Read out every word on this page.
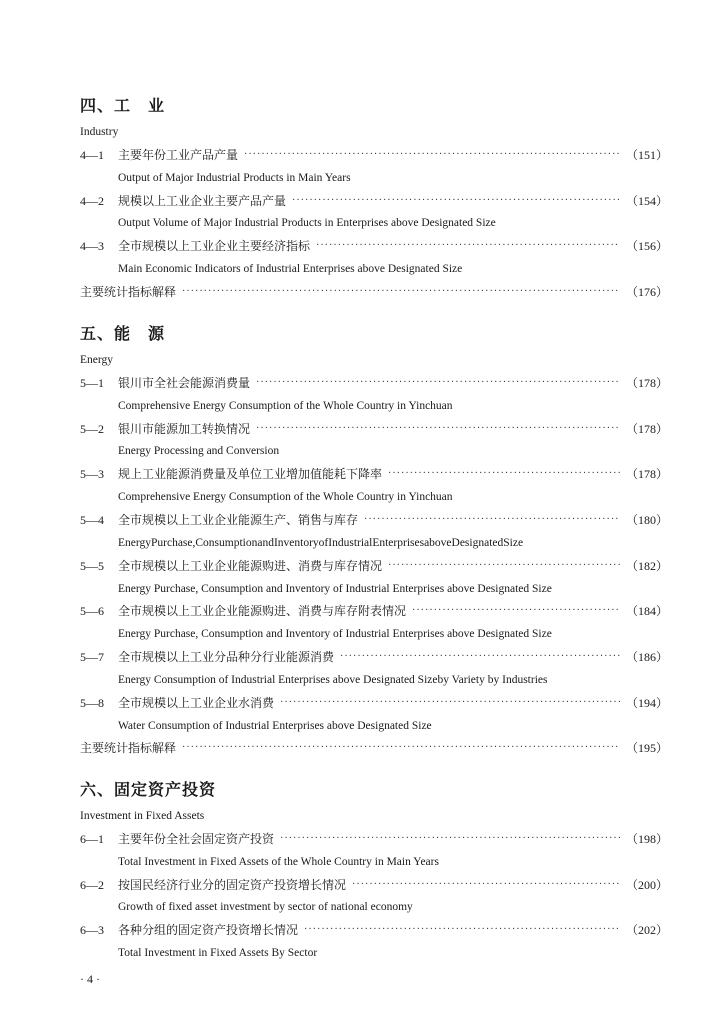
四、工　业
Industry
4—1	主要年份工业产品产量 ·····	（151）
Output of Major Industrial Products in Main Years
4—2	规模以上工业企业主要产品产量 ·····	（154）
Output Volume of Major Industrial Products in Enterprises above Designated Size
4—3	全市规模以上工业企业主要经济指标 ·····	（156）
Main Economic Indicators of Industrial Enterprises above Designated Size
主要统计指标解释 ·····	（176）
五、能　源
Energy
5—1	银川市全社会能源消费量 ·····	（178）
Comprehensive Energy Consumption of the Whole Country in Yinchuan
5—2	银川市能源加工转换情况 ·····	（178）
Energy Processing and Conversion
5—3	规上工业能源消费量及单位工业增加值能耗下降率 ·····	（178）
Comprehensive Energy Consumption of the Whole Country in Yinchuan
5—4	全市规模以上工业企业能源生产、销售与库存 ·····	（180）
EnergyPurchase,ConsumptionandInventoryofIndustrialEnterprisesaboveDesignatedSize
5—5	全市规模以上工业企业能源购进、消费与库存情况 ·····	（182）
Energy Purchase, Consumption and Inventory of Industrial Enterprises above Designated Size
5—6	全市规模以上工业企业能源购进、消费与库存附表情况 ·····	（184）
Energy Purchase, Consumption and Inventory of Industrial Enterprises above Designated Size
5—7	全市规模以上工业分品种分行业能源消费 ·····	（186）
Energy Consumption of Industrial Enterprises above Designated Sizeby Variety by Industries
5—8	全市规模以上工业企业水消费 ·····	（194）
Water Consumption of Industrial Enterprises above Designated Size
主要统计指标解释 ·····	（195）
六、固定资产投资
Investment in Fixed Assets
6—1	主要年份全社会固定资产投资 ·····	（198）
Total Investment in Fixed Assets of the Whole Country in Main Years
6—2	按国民经济行业分的固定资产投资增长情况 ·····	（200）
Growth of fixed asset investment by sector of national economy
6—3	各种分组的固定资产投资增长情况 ·····	（202）
Total Investment in Fixed Assets By Sector
· 4 ·
